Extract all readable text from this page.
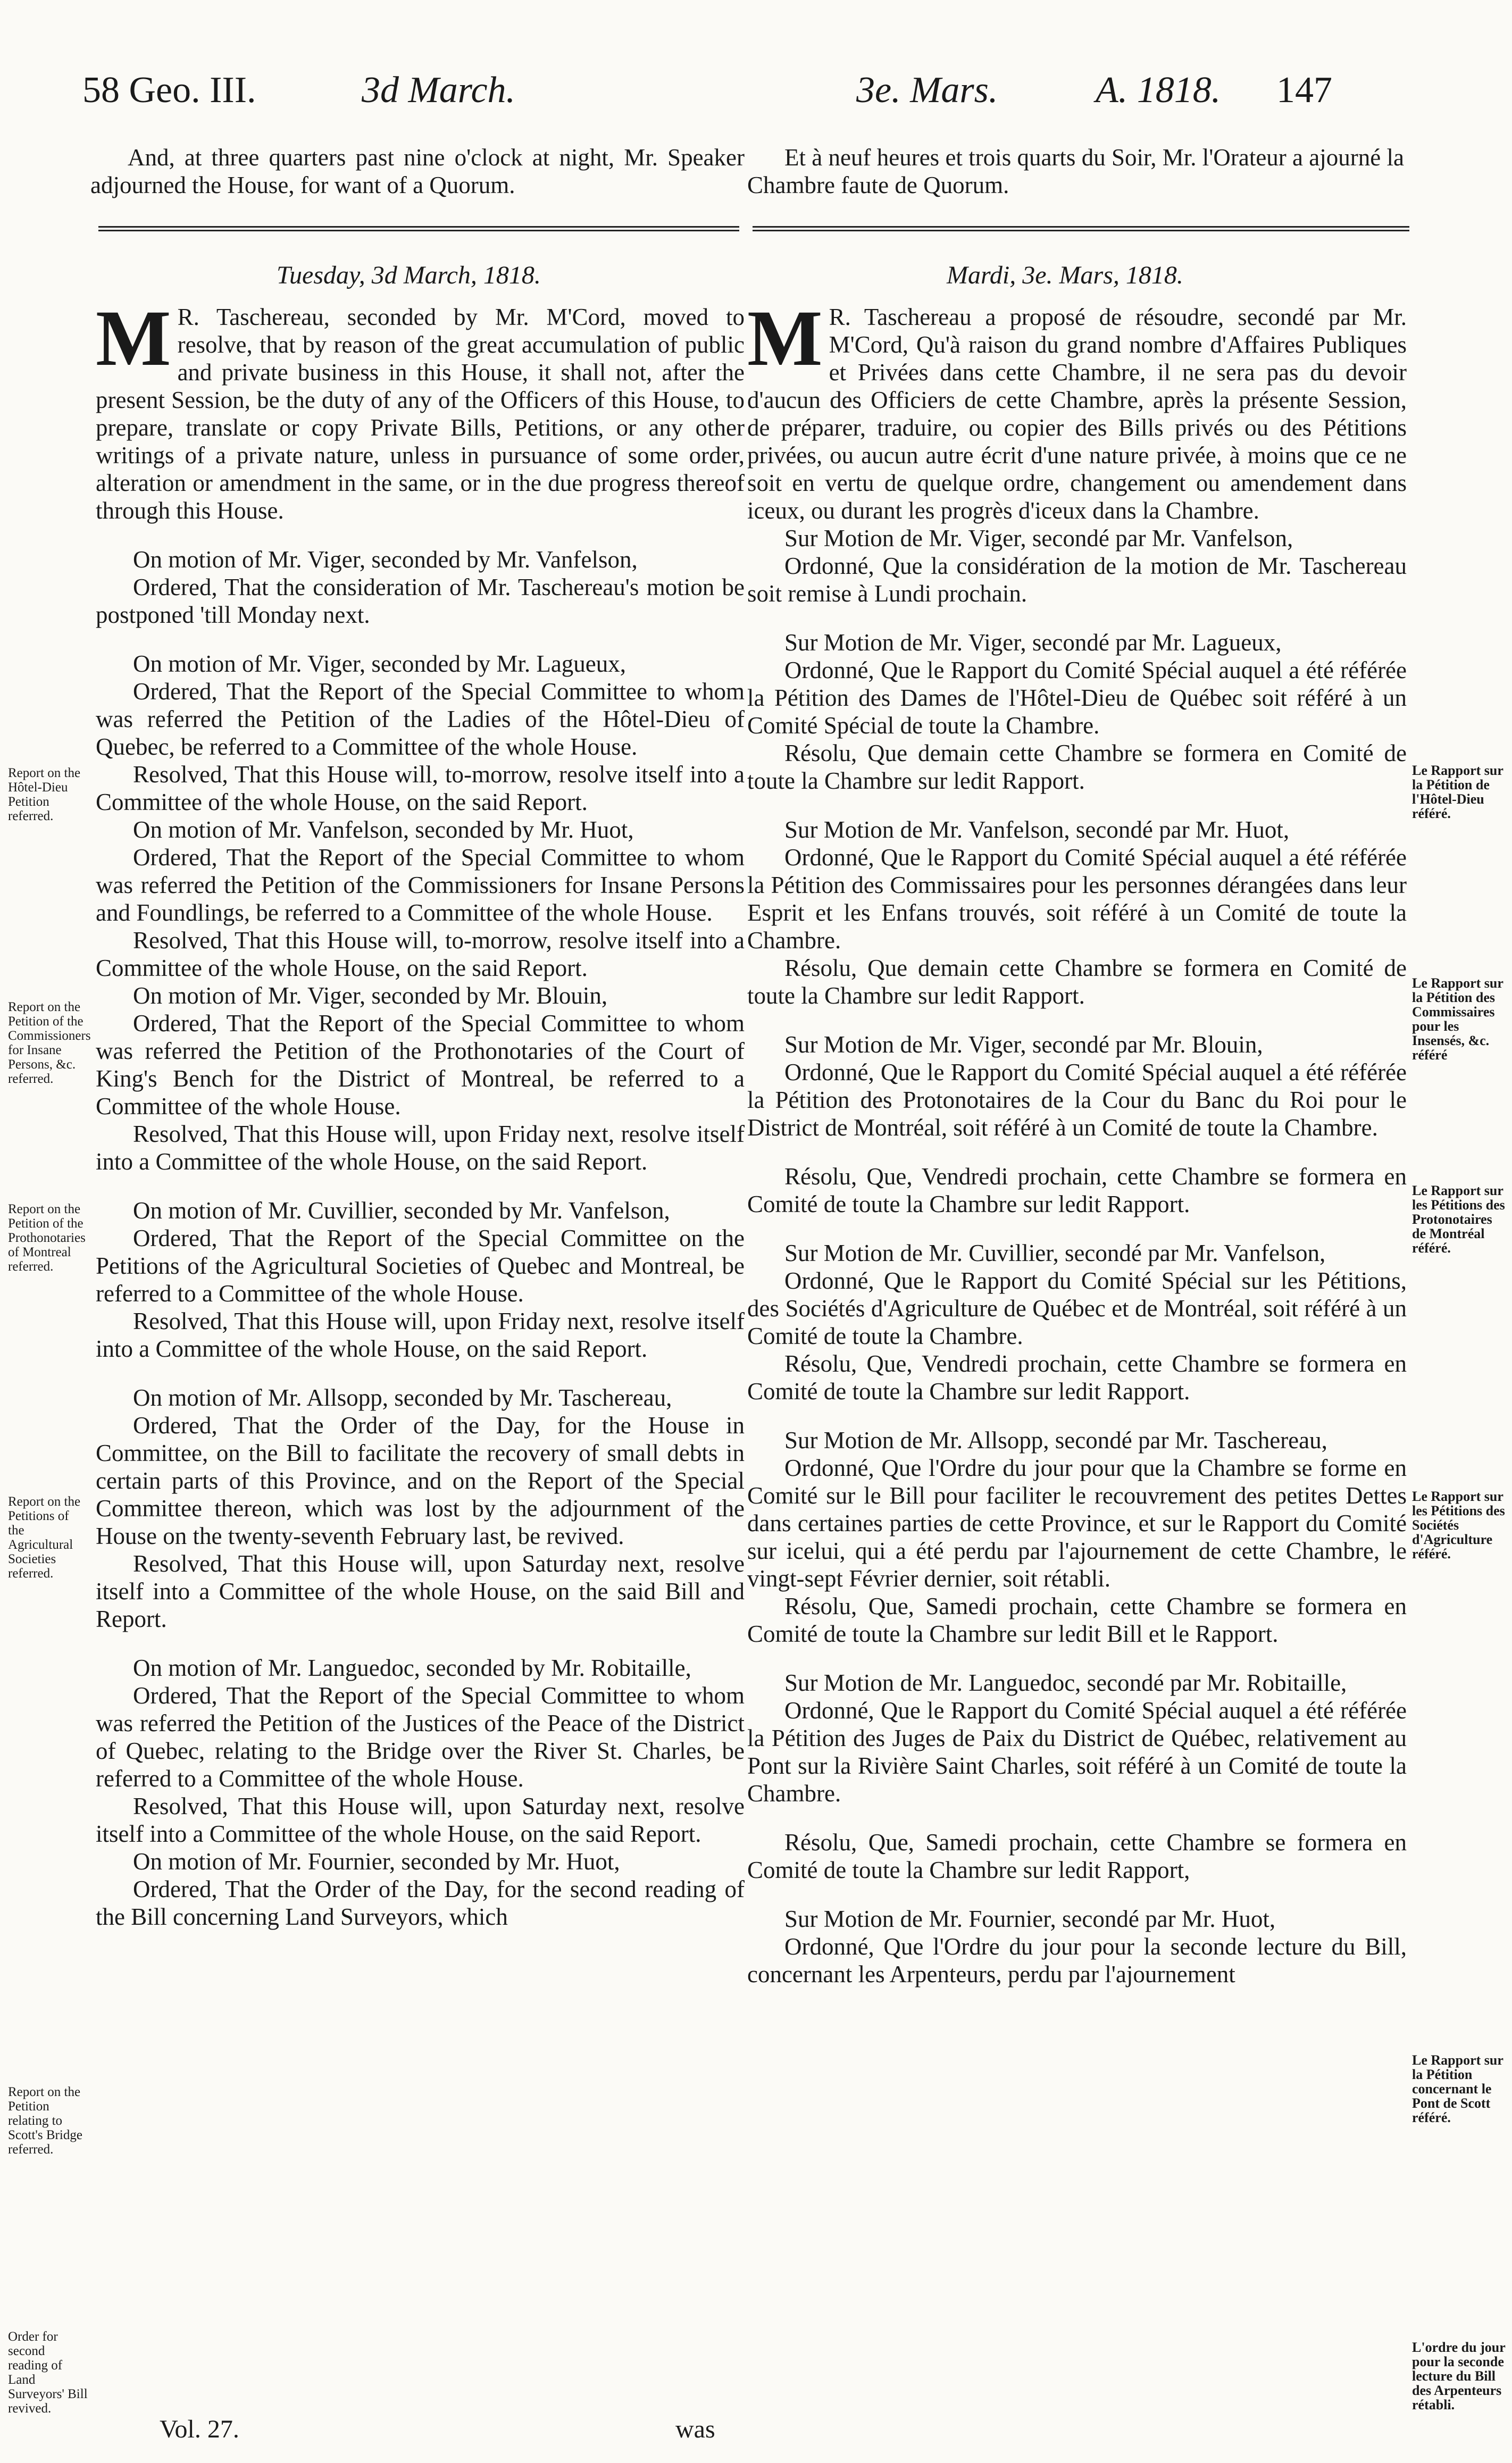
58 Geo. III.	3d March.	3e. Mars.	A. 1818. 147

And, at three quarters past nine o'clock at night, Mr. Speaker adjourned the House, for want of a Quorum.

Et à neuf heures et trois quarts du Soir, Mr. l'Orateur a ajourné la Chambre faute de Quorum.

Tuesday, 3d March, 1818.	Mardi, 3e. Mars, 1818.

M R. Taschereau, seconded by Mr. M'Cord, moved to resolve, that by reason of the great accumulation of public and private business in this House, it shall not, after the present Session, be the duty of any of the Officers of this House, to prepare, translate or copy Private Bills, Petitions, or any other writings of a private nature, unless in pursuance of some order, alteration or amendment in the same, or in the due progress thereof through this House.

On motion of Mr. Viger, seconded by Mr. Vanfelson,

Ordered, That the consideration of Mr. Taschereau's motion be postponed 'till Monday next.

On motion of Mr. Viger, seconded by Mr. Lagueux,

Ordered, That the Report of the Special Committee to whom was referred the Petition of the Ladies of the Hôtel-Dieu of Quebec, be referred to a Committee of the whole House.

Resolved, That this House will, to-morrow, resolve itself into a Committee of the whole House, on the said Report.

On motion of Mr. Vanfelson, seconded by Mr. Huot,

Ordered, That the Report of the Special Committee to whom was referred the Petition of the Commissioners for Insane Persons and Foundlings, be referred to a Committee of the whole House.

Resolved, That this House will, to-morrow, resolve itself into a Committee of the whole House, on the said Report.

On motion of Mr. Viger, seconded by Mr. Blouin,

Ordered, That the Report of the Special Committee to whom was referred the Petition of the Prothonotaries of the Court of King's Bench for the District of Montreal, be referred to a Committee of the whole House.

Resolved, That this House will, upon Friday next, resolve itself into a Committee of the whole House, on the said Report.

On motion of Mr. Cuvillier, seconded by Mr. Vanfelson,

Ordered, That the Report of the Special Committee on the Petitions of the Agricultural Societies of Quebec and Montreal, be referred to a Committee of the whole House.

Resolved, That this House will, upon Friday next, resolve itself into a Committee of the whole House, on the said Report.

On motion of Mr. Allsopp, seconded by Mr. Taschereau,

Ordered, That the Order of the Day, for the House in Committee, on the Bill to facilitate the recovery of small debts in certain parts of this Province, and on the Report of the Special Committee thereon, which was lost by the adjournment of the House on the twenty-seventh February last, be revived.

Resolved, That this House will, upon Saturday next, resolve itself into a Committee of the whole House, on the said Bill and Report.

On motion of Mr. Languedoc, seconded by Mr. Robitaille,

Ordered, That the Report of the Special Committee to whom was referred the Petition of the Justices of the Peace of the District of Quebec, relating to the Bridge over the River St. Charles, be referred to a Committee of the whole House.

Resolved, That this House will, upon Saturday next, resolve itself into a Committee of the whole House, on the said Report.

On motion of Mr. Fournier, seconded by Mr. Huot,

Ordered, That the Order of the Day, for the second reading of the Bill concerning Land Surveyors, which

M R. Taschereau a proposé de résoudre, secondé par Mr. M'Cord, Qu'à raison du grand nombre d'Affaires Publiques et Privées dans cette Chambre, il ne sera pas du devoir d'aucun des Officiers de cette Chambre, après la présente Session, de préparer, traduire, ou copier des Bills privés ou des Pétitions privées, ou aucun autre écrit d'une nature privée, à moins que ce ne soit en vertu de quelque ordre, changement ou amendement dans iceux, ou durant les progrès d'iceux dans la Chambre.

Sur Motion de Mr. Viger, secondé par Mr. Vanfelson,

Ordonné, Que la considération de la motion de Mr. Taschereau soit remise à Lundi prochain.

Sur Motion de Mr. Viger, secondé par Mr. Lagueux,

Ordonné, Que le Rapport du Comité Spécial auquel a été référée la Pétition des Dames de l'Hôtel-Dieu de Québec soit référé à un Comité Spécial de toute la Chambre.

Résolu, Que demain cette Chambre se formera en Comité de toute la Chambre sur ledit Rapport.

Sur Motion de Mr. Vanfelson, secondé par Mr. Huot,

Ordonné, Que le Rapport du Comité Spécial auquel a été référée la Pétition des Commissaires pour les personnes dérangées dans leur Esprit et les Enfans trouvés, soit référé à un Comité de toute la Chambre.

Résolu, Que demain cette Chambre se formera en Comité de toute la Chambre sur ledit Rapport.

Sur Motion de Mr. Viger, secondé par Mr. Blouin,

Ordonné, Que le Rapport du Comité Spécial auquel a été référée la Pétition des Protonotaires de la Cour du Banc du Roi pour le District de Montréal, soit référé à un Comité de toute la Chambre.

Résolu, Que, Vendredi prochain, cette Chambre se formera en Comité de toute la Chambre sur ledit Rapport.

Sur Motion de Mr. Cuvillier, secondé par Mr. Vanfelson,

Ordonné, Que le Rapport du Comité Spécial sur les Pétitions, des Sociétés d'Agriculture de Québec et de Montréal, soit référé à un Comité de toute la Chambre.

Résolu, Que, Vendredi prochain, cette Chambre se formera en Comité de toute la Chambre sur ledit Rapport.

Sur Motion de Mr. Allsopp, secondé par Mr. Taschereau,

Ordonné, Que l'Ordre du jour pour que la Chambre se forme en Comité sur le Bill pour faciliter le recouvrement des petites Dettes dans certaines parties de cette Province, et sur le Rapport du Comité sur icelui, qui a été perdu par l'ajournement de cette Chambre, le vingt-sept Février dernier, soit rétabli.

Résolu, Que, Samedi prochain, cette Chambre se formera en Comité de toute la Chambre sur ledit Bill et le Rapport.

Sur Motion de Mr. Languedoc, secondé par Mr. Robitaille,

Ordonné, Que le Rapport du Comité Spécial auquel a été référée la Pétition des Juges de Paix du District de Québec, relativement au Pont sur la Rivière Saint Charles, soit référé à un Comité de toute la Chambre.

Résolu, Que, Samedi prochain, cette Chambre se formera en Comité de toute la Chambre sur ledit Rapport,

Sur Motion de Mr. Fournier, secondé par Mr. Huot,

Ordonné, Que l'Ordre du jour pour la seconde lecture du Bill, concernant les Arpenteurs, perdu par l'ajournement

Report on the Hôtel-Dieu Petition referred.
Report on the Petition of the Commissioners for Insane Persons, &c. referred.
Report on the Petition of the Prothonotaries of Montreal referred.
Report on the Petitions of the Agricultural Societies referred.
Report on the Petition relating to Scott's Bridge referred.
Order for second reading of Land Surveyors' Bill revived.
Le Rapport sur la Pétition de l'Hôtel-Dieu référé.
Le Rapport sur la Pétition des Commissaires pour les Insensés, &c. référé
Le Rapport sur les Pétitions des Protonotaires de Montréal référé.
Le Rapport sur les Pétitions des Sociétés d'Agriculture référé.
Le Rapport sur la Pétition concernant le Pont de Scott référé.
L'ordre du jour pour la seconde lecture du Bill des Arpenteurs rétabli.
Vol. 27.	was
